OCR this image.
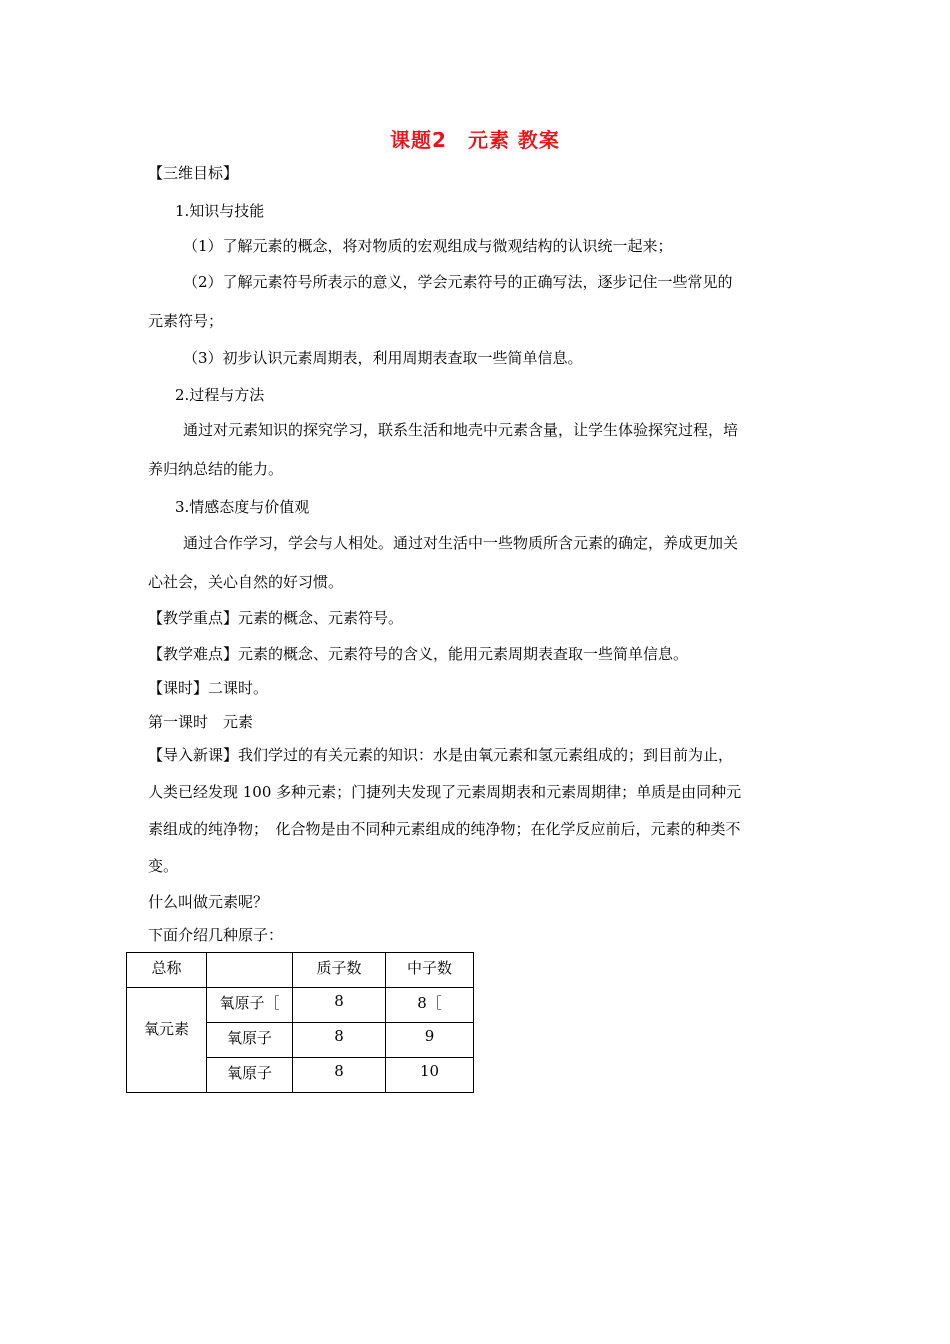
课题2　元素 教案
【三维目标】
1.知识与技能
（1）了解元素的概念，将对物质的宏观组成与微观结构的认识统一起来；
（2）了解元素符号所表示的意义，学会元素符号的正确写法，逐步记住一些常见的
元素符号；
（3）初步认识元素周期表，利用周期表查取一些简单信息。
2.过程与方法
通过对元素知识的探究学习，联系生活和地壳中元素含量，让学生体验探究过程，培
养归纳总结的能力。
3.情感态度与价值观
通过合作学习，学会与人相处。通过对生活中一些物质所含元素的确定，养成更加关
心社会，关心自然的好习惯。
【教学重点】元素的概念、元素符号。
【教学难点】元素的概念、元素符号的含义，能用元素周期表查取一些简单信息。
【课时】二课时。
第一课时　元素
【导入新课】我们学过的有关元素的知识：水是由氧元素和氢元素组成的；到目前为止，
人类已经发现 100 多种元素；门捷列夫发现了元素周期表和元素周期律；单质是由同种元
素组成的纯净物；　化合物是由不同种元素组成的纯净物；在化学反应前后，元素的种类不
变。
什么叫做元素呢？
下面介绍几种原子：
总称		质子数	中子数
氧元素	氧原子［	8	8［
	氧原子	8	9
	氧原子	8	10
